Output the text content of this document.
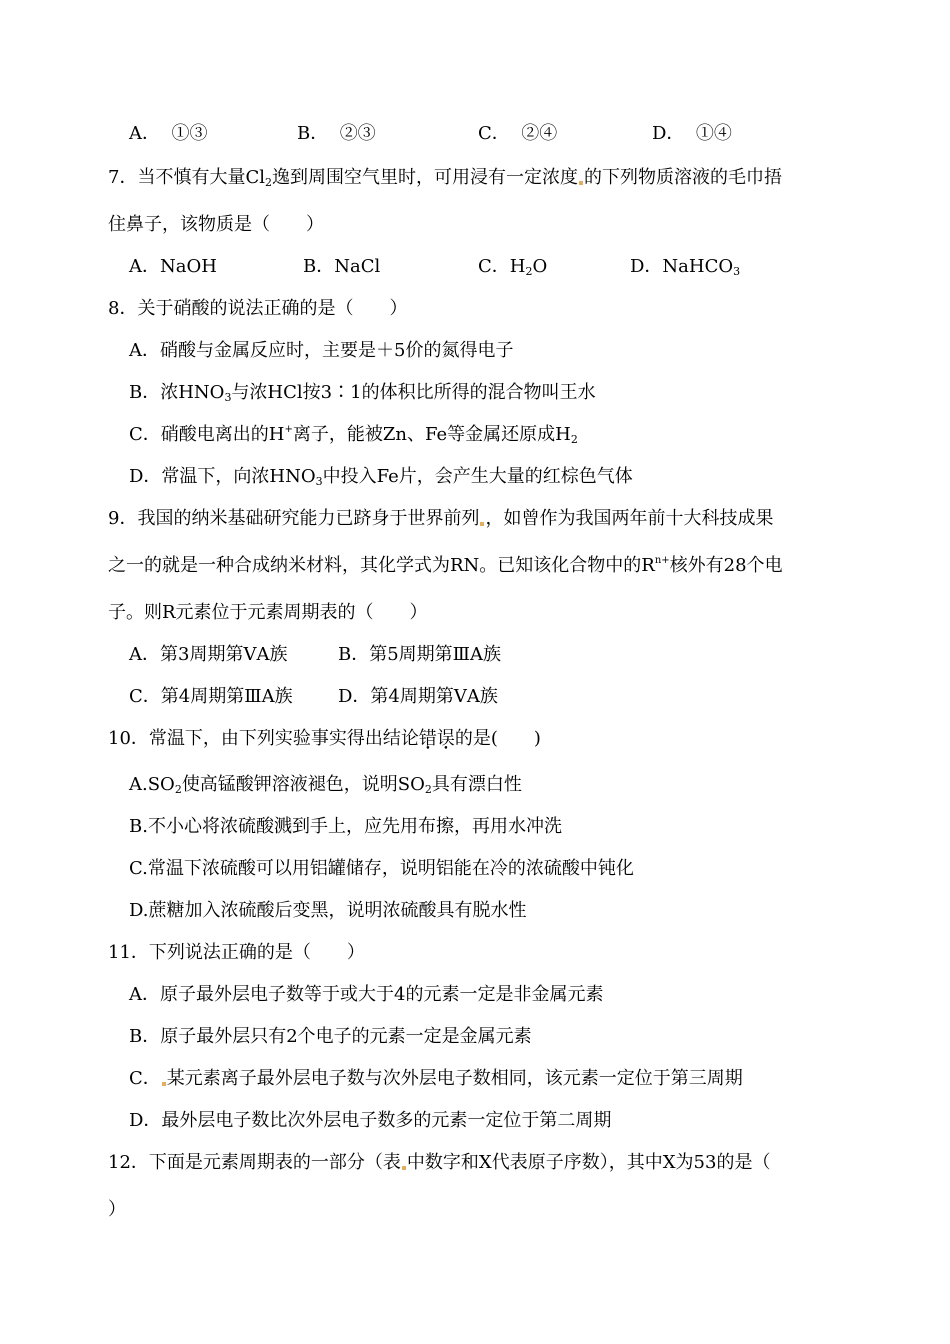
A． ①③	B． ②③	C． ②④	D． ①④
7．当不慎有大量$Cl_2$逸到周围空气里时，可用浸有一定浓度 的下列物质溶液的毛巾捂
住鼻子，该物质是（　　）
A．NaOH	B．NaCl	C．$H_2O$	D．NaHCO$_3$
8．关于硝酸的说法正确的是（　　）
A．硝酸与金属反应时，主要是＋5价的氮得电子
B．浓$HNO_3$与浓HCl按3∶1的体积比所得的混合物叫王水
C．硝酸电离出的H+离子，能被Zn、Fe等金属还原成$H_2$
D．常温下，向浓$HNO_3$中投入Fe片，会产生大量的红棕色气体
9．我国的纳米基础研究能力已跻身于世界前列 ，如曾作为我国两年前十大科技成果
之一的就是一种合成纳米材料，其化学式为RN。已知该化合物中的$R^{n+}$核外有28个电
子。则R元素位于元素周期表的（　　）
A．第3周期第ⅤA族	B．第5周期第ⅢA族
C．第4周期第ⅢA族	D．第4周期第ⅤA族
10．常温下，由下列实验事实得出结论错误的是(　　)
$A.SO_2$使高锰酸钾溶液褪色，说明$SO_2$具有漂白性
B.不小心将浓硫酸溅到手上，应先用布擦，再用水冲洗
C.常温下浓硫酸可以用铝罐储存，说明铝能在冷的浓硫酸中钝化
D.蔗糖加入浓硫酸后变黑，说明浓硫酸具有脱水性
11．下列说法正确的是（　　）
A．原子最外层电子数等于或大于4的元素一定是非金属元素
B．原子最外层只有2个电子的元素一定是金属元素
C． 某元素离子最外层电子数与次外层电子数相同，该元素一定位于第三周期
D．最外层电子数比次外层电子数多的元素一定位于第二周期
12．下面是元素周期表的一部分（表 中数字和X代表原子序数），其中X为53的是（
）
